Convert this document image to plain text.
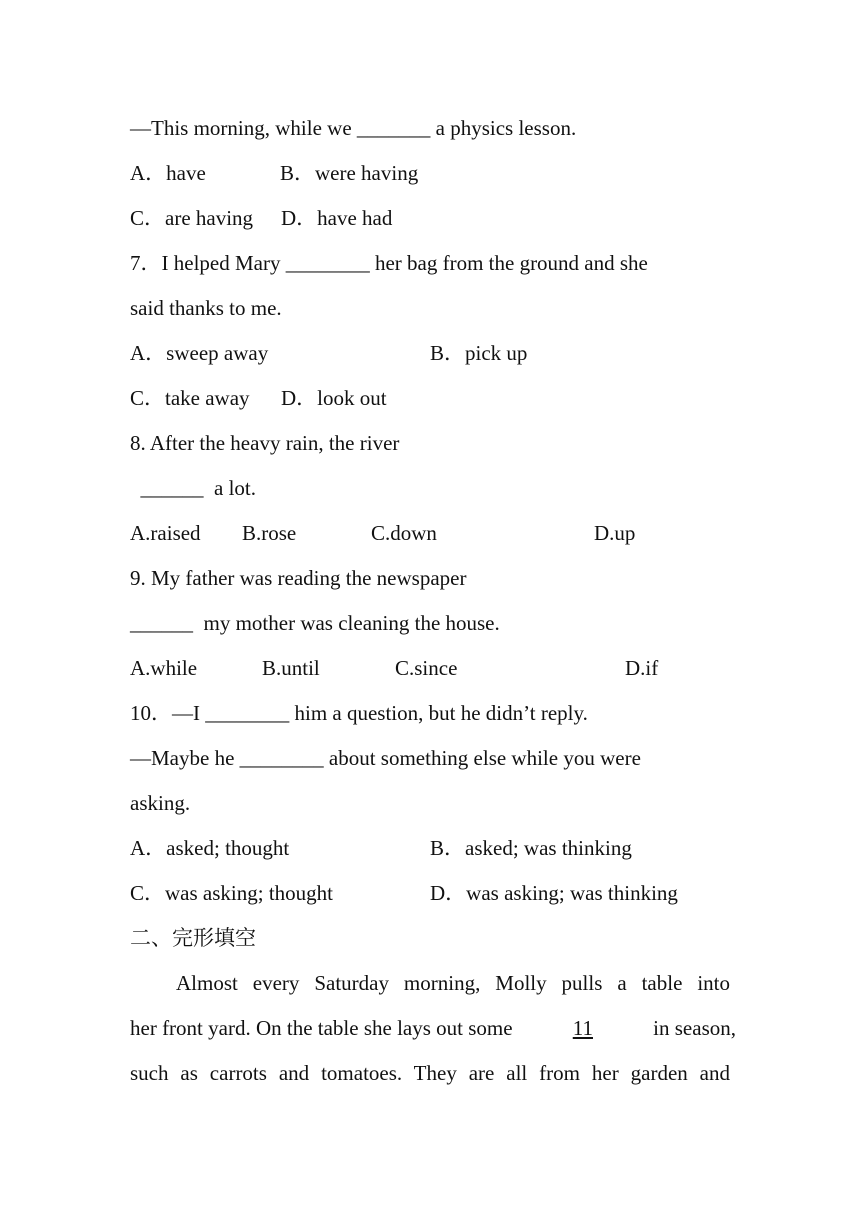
—This morning, while we _______ a physics lesson.
A．have	B．were having
C．are having D．have had
7．I helped Mary ________ her bag from the ground and she
said thanks to me.
A．sweep away	B．pick up
C．take away D．look out
8. After the heavy rain, the river
______  a lot.
A.raised B.rose	C.down	D.up
9. My father was reading the newspaper
______  my mother was cleaning the house.
A.while	B.until	C.since	D.if
10．—I ________ him a question, but he didn’t reply.
—Maybe he ________ about something else while you were
asking.
A．asked; thought	B．asked; was thinking
C．was asking; thought	D．was asking; was thinking
二、完形填空
Almost every Saturday morning, Molly pulls a table into
her front yard. On the table she lays out some	11	in season,
such as carrots and tomatoes. They are all from her garden and
